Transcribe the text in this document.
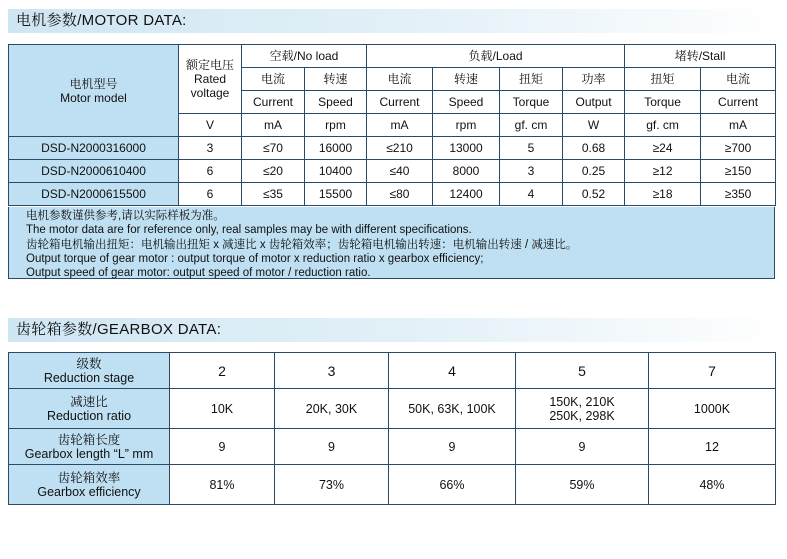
电机参数/MOTOR DATA:
电机型号
Motor model	额定电压
Rated
voltage	空载/No load		负载/Load				堵转/Stall	
		电流	转速	电流	转速	扭矩	功率	扭矩	电流
		Current	Speed	Current	Speed	Torque	Output	Torque	Current
	V	mA	rpm	mA	rpm	gf. cm	W	gf. cm	mA
DSD-N2000316000	3	≤70	16000	≤210	13000	5	0.68	≥24	≥700
DSD-N2000610400	6	≤20	10400	≤40	8000	3	0.25	≥12	≥150
DSD-N2000615500	6	≤35	15500	≤80	12400	4	0.52	≥18	≥350
电机参数谨供参考,请以实际样板为准。
The motor data are for reference only, real samples may be with different specifications.
齿轮箱电机输出扭矩：电机输出扭矩 x 减速比 x 齿轮箱效率；齿轮箱电机输出转速：电机输出转速 / 减速比。
Output torque of gear motor : output torque of motor x reduction ratio x gearbox efficiency;
Output speed of gear motor: output speed of motor / reduction ratio.
齿轮箱参数/GEARBOX DATA:
级数
Reduction stage	2	3	4	5	7

减速比
Reduction ratio	10K	20K, 30K	50K, 63K, 100K	150K, 210K
250K, 298K	1000K

齿轮箱长度
Gearbox length “L” mm	9	9	9	9	12

齿轮箱效率
Gearbox efficiency	81%	73%	66%	59%	48%
